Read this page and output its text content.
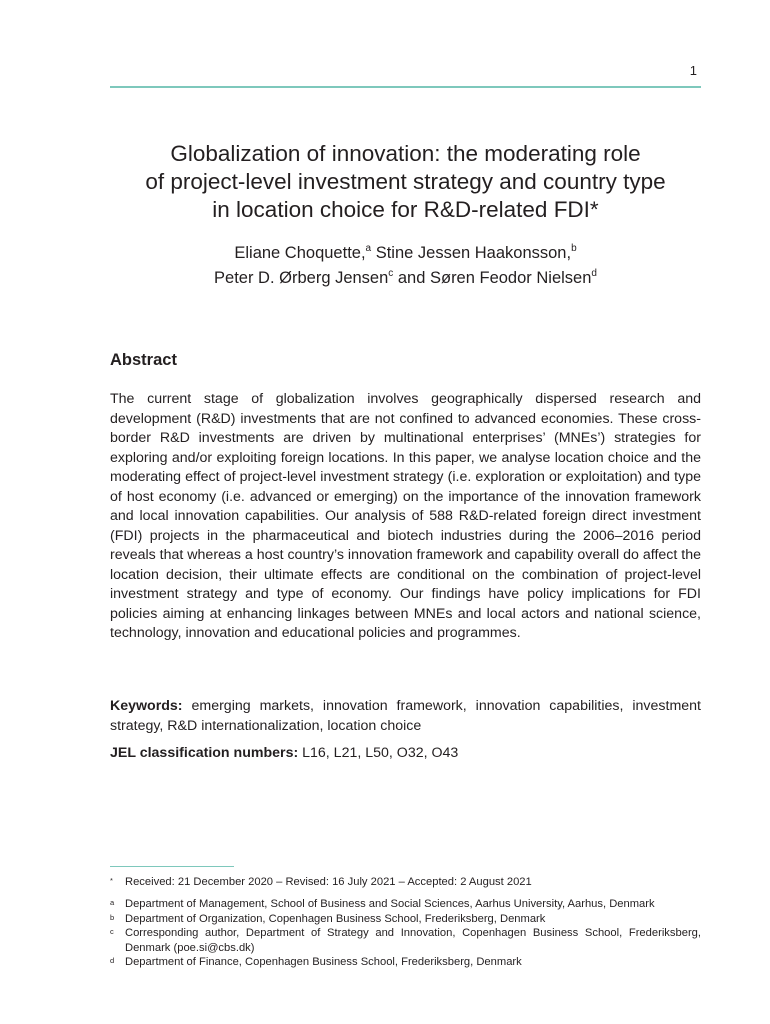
1
Globalization of innovation: the moderating role
of project-level investment strategy and country type
in location choice for R&D-related FDI*
Eliane Choquette,$^a$ Stine Jessen Haakonsson,$^b$
Peter D. Ørberg Jensen$^c$ and Søren Feodor Nielsen$^d$
Abstract

The current stage of globalization involves geographically dispersed research and development (R&D) investments that are not confined to advanced economies. These cross-border R&D investments are driven by multinational enterprises’ (MNEs’) strategies for exploring and/or exploiting foreign locations. In this paper, we analyse location choice and the moderating effect of project-level investment strategy (i.e. exploration or exploitation) and type of host economy (i.e. advanced or emerging) on the importance of the innovation framework and local innovation capabilities. Our analysis of 588 R&D-related foreign direct investment (FDI) projects in the pharmaceutical and biotech industries during the 2006–2016 period reveals that whereas a host country’s innovation framework and capability overall do affect the location decision, their ultimate effects are conditional on the combination of project-level investment strategy and type of economy. Our findings have policy implications for FDI policies aiming at enhancing linkages between MNEs and local actors and national science, technology, innovation and educational policies and programmes.

Keywords: emerging markets, innovation framework, innovation capabilities, investment strategy, R&D internationalization, location choice

JEL classification numbers: L16, L21, L50, O32, O43

*	Received: 21 December 2020 – Revised: 16 July 2021 – Accepted: 2 August 2021
a Department of Management, School of Business and Social Sciences, Aarhus University, Aarhus, Denmark
b Department of Organization, Copenhagen Business School, Frederiksberg, Denmark
c	Corresponding author, Department of Strategy and Innovation, Copenhagen Business School, Frederiksberg, Denmark (poe.si@cbs.dk)
d Department of Finance, Copenhagen Business School, Frederiksberg, Denmark
